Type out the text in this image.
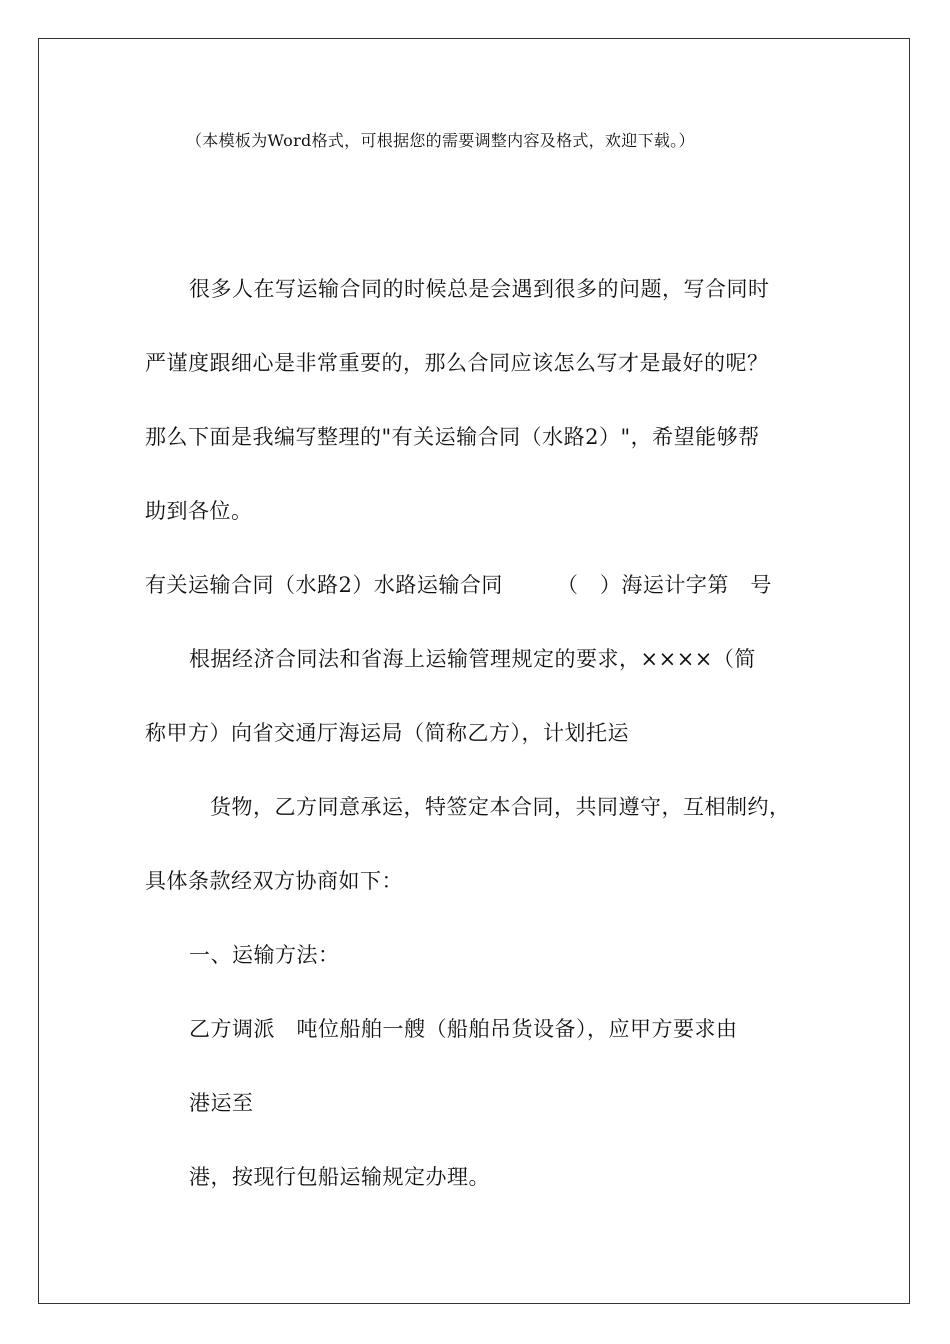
（本模板为Word格式，可根据您的需要调整内容及格式，欢迎下载。）
很多人在写运输合同的时候总是会遇到很多的问题，写合同时
严谨度跟细心是非常重要的，那么合同应该怎么写才是最好的呢？
那么下面是我编写整理的"有关运输合同（水路2）"，希望能够帮
助到各位。
有关运输合同（水路2）水路运输合同　　　（　）海运计字第　号
根据经济合同法和省海上运输管理规定的要求，××××（简
称甲方）向省交通厅海运局（简称乙方），计划托运
货物，乙方同意承运，特签定本合同，共同遵守，互相制约，
具体条款经双方协商如下：
一、运输方法：
乙方调派　吨位船舶一艘（船舶吊货设备），应甲方要求由
港运至
港，按现行包船运输规定办理。
